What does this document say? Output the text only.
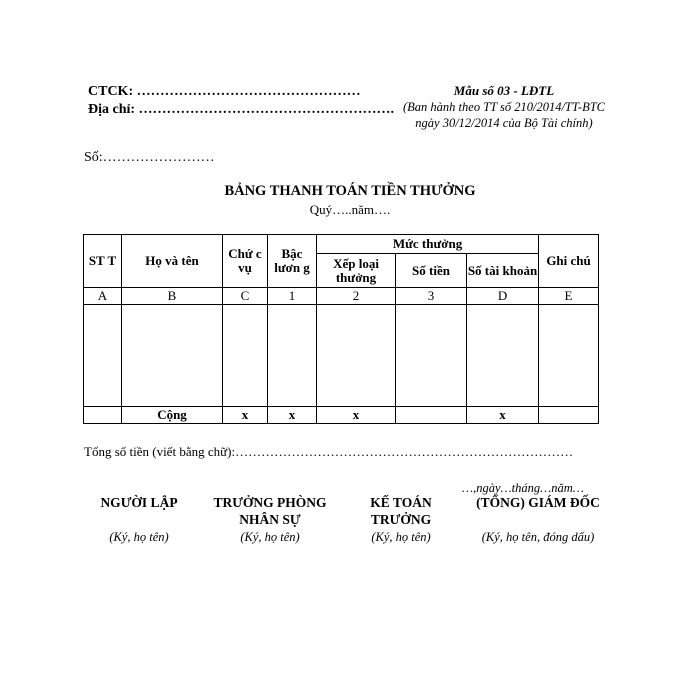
CTCK: …………………………………………
Địa chỉ: ……………………………………………….
Mẫu số 03 - LĐTL
(Ban hành theo TT số 210/2014/TT-BTC
ngày 30/12/2014 của Bộ Tài chính)
Số:……………………
BẢNG THANH TOÁN TIỀN THƯỞNG
Quý…..năm….
ST T	Họ và tên	Chứ c vụ	Bậc lươn g	Mức thưởng			Ghi chú
				Xếp loại thưởng	Số tiền	Số tài khoản	
A	B	C	1	2	3	D	E

	Cộng	x	x	x		x	
Tổng số tiền (viết bằng chữ):……………………………………………………………………
…,ngày…tháng…năm…
NGƯỜI LẬP	TRƯỞNG PHÒNG NHÂN SỰ
KẾ TOÁN TRƯỞNG
(TỔNG) GIÁM ĐỐC
(Ký, họ tên)	(Ký, họ tên)	(Ký, họ tên)	(Ký, họ tên, đóng dấu)
